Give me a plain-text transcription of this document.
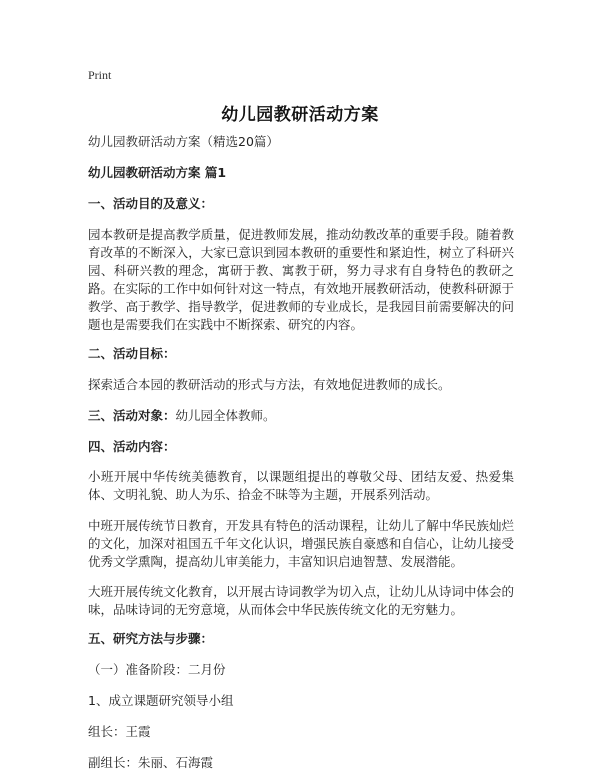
Print
幼儿园教研活动方案

幼儿园教研活动方案（精选20篇）

幼儿园教研活动方案 篇1

一、活动目的及意义：

园本教研是提高教学质量，促进教师发展，推动幼教改革的重要手段。随着教育改革的不断深入，大家已意识到园本教研的重要性和紧迫性，树立了科研兴园、科研兴教的理念，寓研于教、寓教于研，努力寻求有自身特色的教研之路。在实际的工作中如何针对这一特点，有效地开展教研活动，使教科研源于教学、高于教学、指导教学，促进教师的专业成长，是我园目前需要解决的问题也是需要我们在实践中不断探索、研究的内容。

二、活动目标：

探索适合本园的教研活动的形式与方法，有效地促进教师的成长。

三、活动对象：幼儿园全体教师。

四、活动内容：

小班开展中华传统美德教育，以课题组提出的尊敬父母、团结友爱、热爱集体、文明礼貌、助人为乐、拾金不昧等为主题，开展系列活动。

中班开展传统节日教育，开发具有特色的活动课程，让幼儿了解中华民族灿烂的文化，加深对祖国五千年文化认识，增强民族自豪感和自信心，让幼儿接受优秀文学熏陶，提高幼儿审美能力，丰富知识启迪智慧、发展潜能。

大班开展传统文化教育，以开展古诗词教学为切入点，让幼儿从诗词中体会的味，品味诗词的无穷意境，从而体会中华民族传统文化的无穷魅力。

五、研究方法与步骤：

（一）准备阶段：二月份

1、成立课题研究领导小组

组长：王霞

副组长：朱丽、石海霞
